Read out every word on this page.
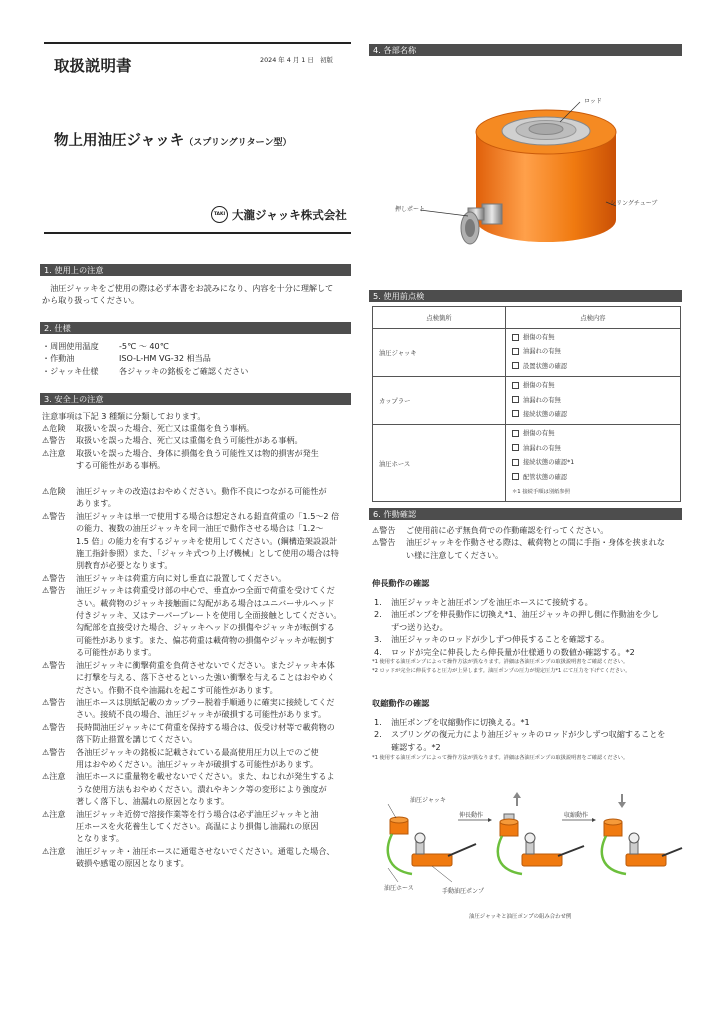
取扱説明書	2024 年 4 月 1 日　初版
物上用油圧ジャッキ（スプリングリターン型）
TAKI 大瀧ジャッキ株式会社
1. 使用上の注意
　油圧ジャッキをご使用の際は必ず本書をお読みになり、内容を十分に理解して
から取り扱ってください。
2. 仕様
・周囲使用温度	-5℃ ～ 40℃
・作動油	ISO-L-HM VG-32 相当品
・ジャッキ仕様	各ジャッキの銘板をご確認ください
3. 安全上の注意
注意事項は下記 3 種類に分類しております。
⚠危険	取扱いを誤った場合、死亡又は重傷を負う事柄。
⚠警告	取扱いを誤った場合、死亡又は重傷を負う可能性がある事柄。
⚠注意	取扱いを誤った場合、身体に損傷を負う可能性又は物的損害が発生
する可能性がある事柄。
⚠危険	油圧ジャッキの改造はおやめください。動作不良につながる可能性が
あります。
⚠警告	油圧ジャッキは単一で使用する場合は想定される鉛直荷重の「1.5～2 倍
の能力、複数の油圧ジャッキを同一油圧で動作させる場合は「1.2～
1.5 倍」の能力を有するジャッキを使用してください。(鋼構造架設設計
施工指針参照）また、「ジャッキ式つり上げ機械」として使用の場合は特
別教育が必要となります。
⚠警告	油圧ジャッキは荷重方向に対し垂直に設置してください。
⚠警告	油圧ジャッキは荷重受け部の中心で、垂直かつ全面で荷重を受けてくだ
さい。載荷物のジャッキ接触面に勾配がある場合はユニバーサルヘッド
付きジャッキ、又はテーパープレートを使用し全面接触としてください。
勾配部を直接受けた場合、ジャッキヘッドの損傷やジャッキが転倒する
可能性があります。また、偏芯荷重は載荷物の損傷やジャッキが転倒す
る可能性があります。
⚠警告	油圧ジャッキに衝撃荷重を負荷させないでください。またジャッキ本体
に打撃を与える、落下させるといった強い衝撃を与えることはおやめく
ださい。作動不良や油漏れを起こす可能性があります。
⚠警告	油圧ホースは別紙記載のカップラー脱着手順通りに確実に接続してくだ
さい。接続不良の場合、油圧ジャッキが破損する可能性があります。
⚠警告	長時間油圧ジャッキにて荷重を保持する場合は、仮受け材等で載荷物の
落下防止措置を講じてください。
⚠警告	各油圧ジャッキの銘板に記載されている最高使用圧力以上でのご使
用はおやめください。油圧ジャッキが破損する可能性があります。
⚠注意	油圧ホースに重量物を載せないでください。また、ねじれが発生するよ
うな使用方法もおやめください。潰れやキンク等の変形により強度が
著しく落下し、油漏れの原因となります。
⚠注意	油圧ジャッキ近傍で溶接作業等を行う場合は必ず油圧ジャッキと油
圧ホースを火花養生してください。高温により損傷し油漏れの原因
となります。
⚠注意	油圧ジャッキ・油圧ホースに通電させないでください。通電した場合、
破損や感電の原因となります。
4. 各部名称
ロッド
押しポート
シリングチューブ
5. 使用前点検
点検箇所	点検内容
油圧ジャッキ	損傷の有無
油漏れの有無
設置状態の確認

カップラー	損傷の有無
油漏れの有無
接続状態の確認

油圧ホース	損傷の有無
油漏れの有無
接続状態の確認*1
配管状態の確認
＊1 接続手順は別紙参照
6. 作動確認
⚠警告	ご使用前に必ず無負荷での作動確認を行ってください。
⚠警告	油圧ジャッキを作動させる際は、載荷物との間に手指・身体を挟まれな
い様に注意してください。
伸長動作の確認
1.	油圧ジャッキと油圧ポンプを油圧ホースにて接続する。
2.	油圧ポンプを伸長動作に切換え*1、油圧ジャッキの押し側に作動油を少し
ずつ送り込む。
3.	油圧ジャッキのロッドが少しずつ伸長することを確認する。
4.	ロッドが完全に伸長したら伸長量が仕様通りの数値か確認する。*2
*1 使用する油圧ポンプによって操作方法が異なります。詳細は各油圧ポンプの取扱説明書をご確認ください。
*2 ロッドが完全に伸長すると圧力が上昇します。油圧ポンプの圧力が規定圧力*1 にて圧力を下げてください。
収縮動作の確認
1.	油圧ポンプを収縮動作に切換える。*1
2.	スプリングの復元力により油圧ジャッキのロッドが少しずつ収縮することを
確認する。*2
*1 使用する油圧ポンプによって操作方法が異なります。詳細は各油圧ポンプの取扱説明書をご確認ください。
油圧ジャッキ
伸長動作	収縮動作
油圧ホース	手動油圧ポンプ
油圧ジャッキと油圧ポンプの組み合わせ例
